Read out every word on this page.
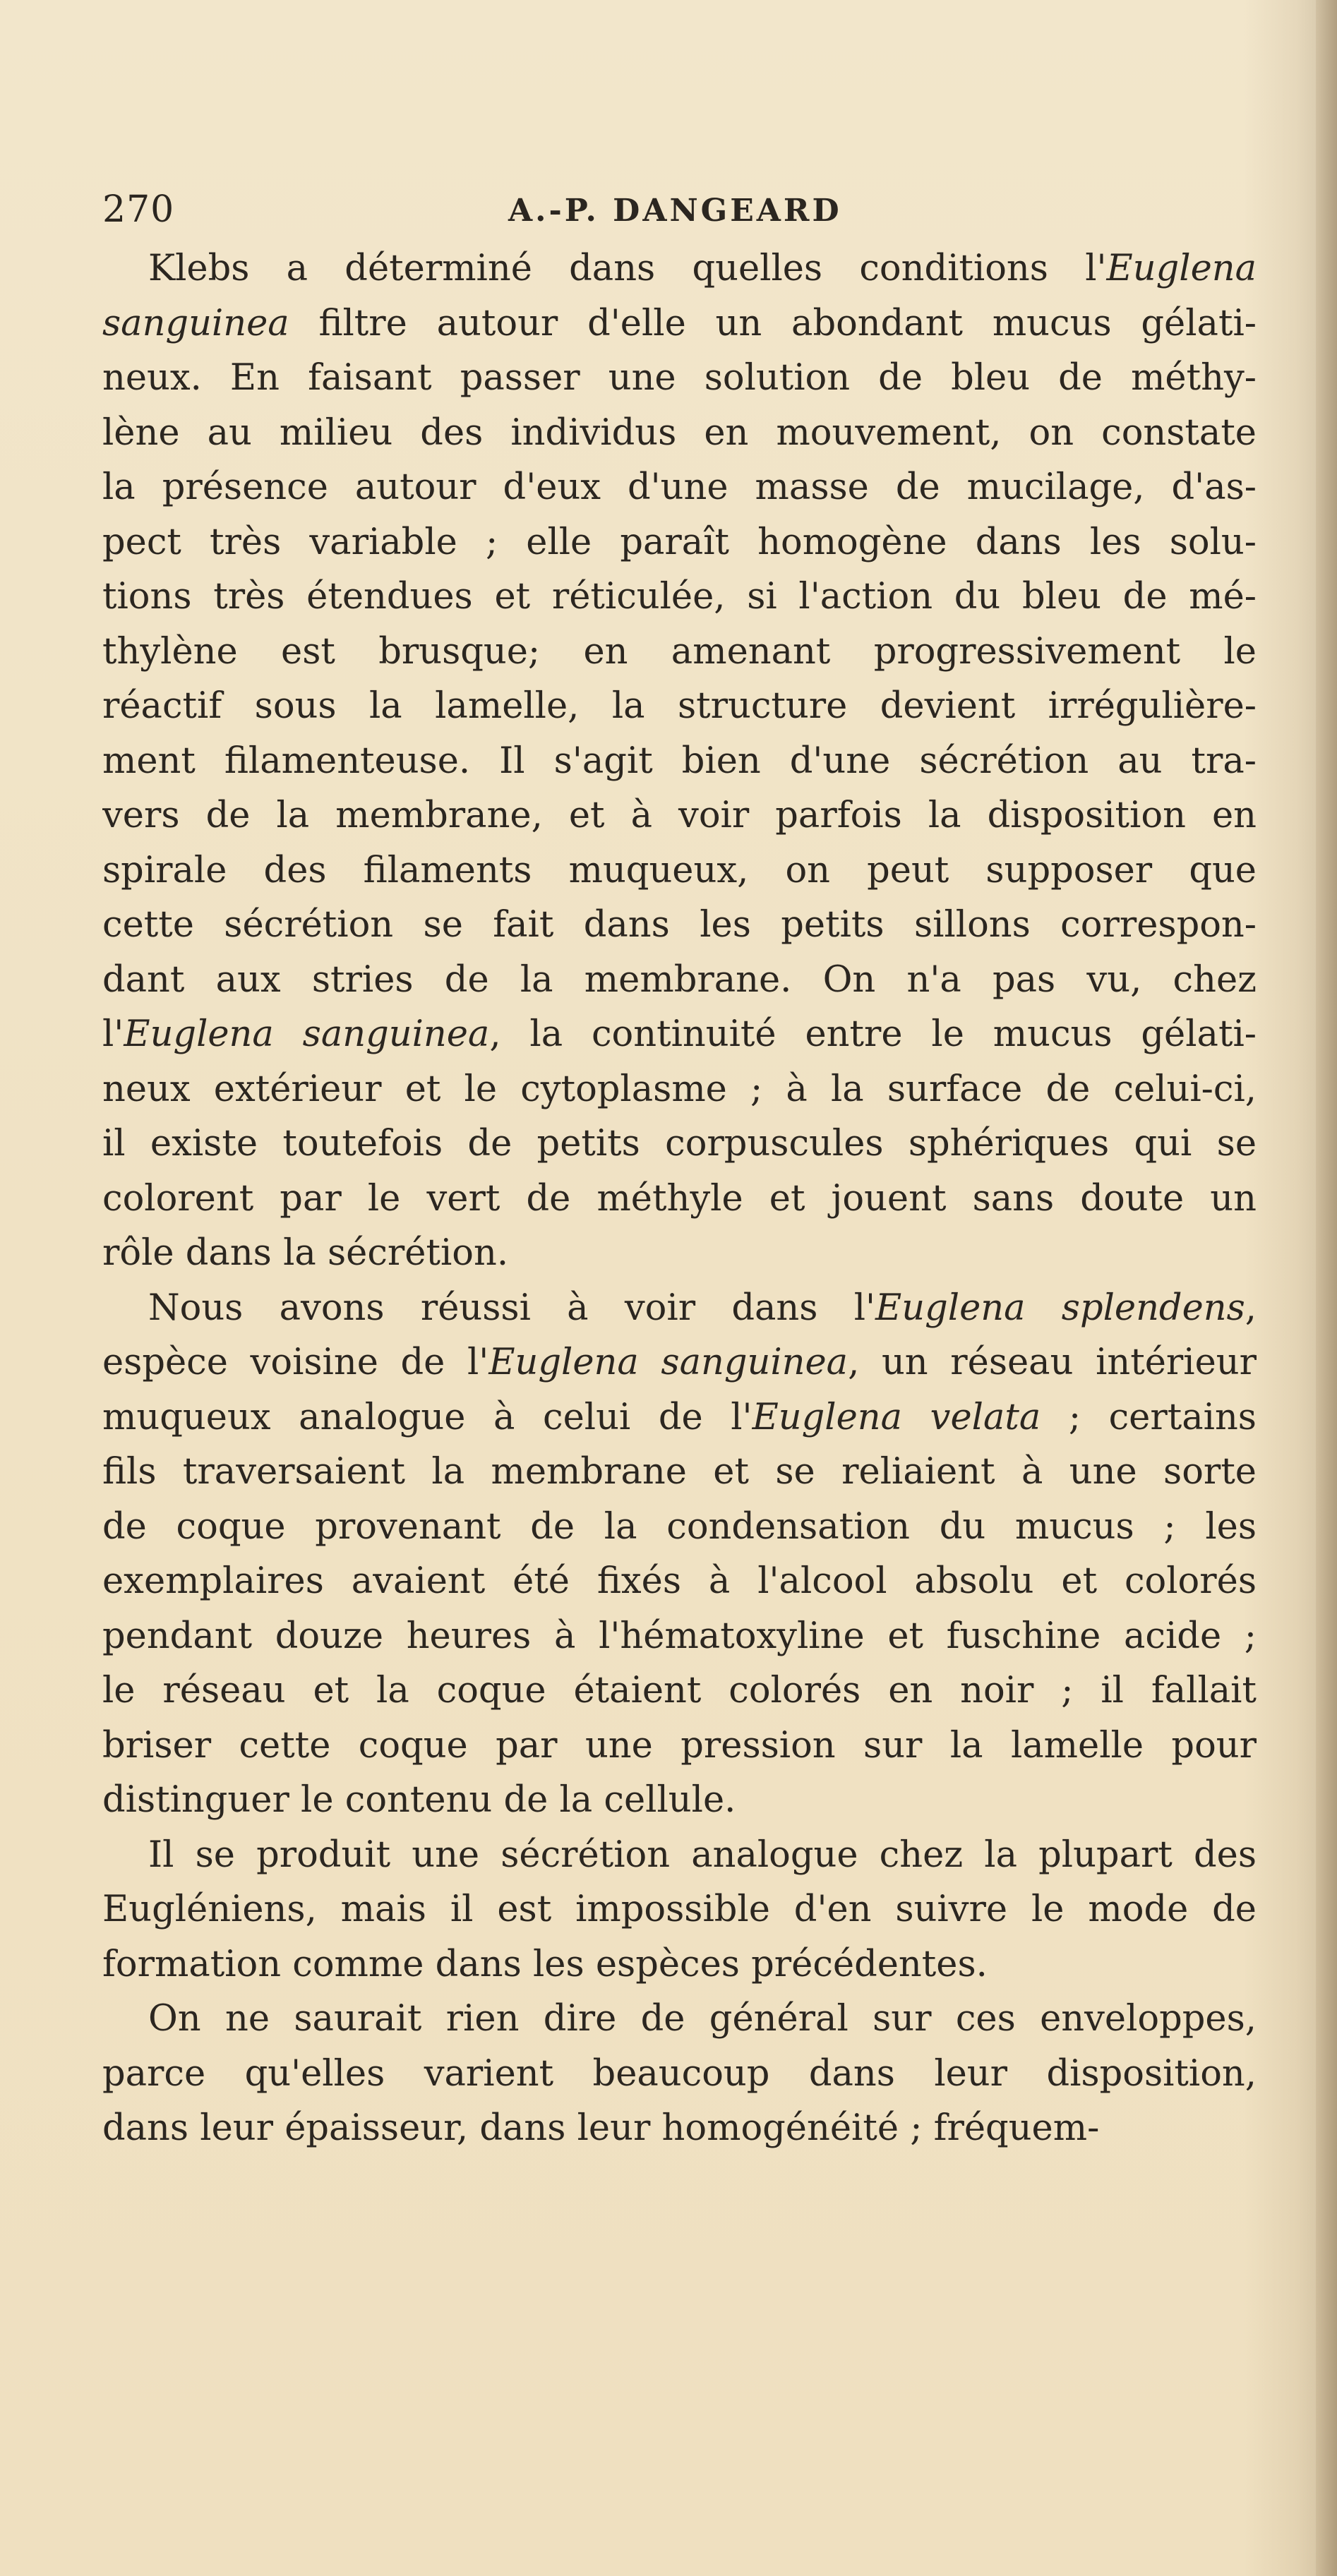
270	A.-P. DANGEARD
Klebs a déterminé dans quelles conditions l'Euglena
sanguinea filtre autour d'elle un abondant mucus gélati-
neux. En faisant passer une solution de bleu de méthy-
lène au milieu des individus en mouvement, on constate
la présence autour d'eux d'une masse de mucilage, d'as-
pect très variable ; elle paraît homogène dans les solu-
tions très étendues et réticulée, si l'action du bleu de mé-
thylène est brusque; en amenant progressivement le
réactif sous la lamelle, la structure devient irrégulière-
ment filamenteuse. Il s'agit bien d'une sécrétion au tra-
vers de la membrane, et à voir parfois la disposition en
spirale des filaments muqueux, on peut supposer que
cette sécrétion se fait dans les petits sillons correspon-
dant aux stries de la membrane. On n'a pas vu, chez
l'Euglena sanguinea, la continuité entre le mucus gélati-
neux extérieur et le cytoplasme ; à la surface de celui-ci,
il existe toutefois de petits corpuscules sphériques qui se
colorent par le vert de méthyle et jouent sans doute un
rôle dans la sécrétion.
Nous avons réussi à voir dans l'Euglena splendens,
espèce voisine de l'Euglena sanguinea, un réseau intérieur
muqueux analogue à celui de l'Euglena velata ; certains
fils traversaient la membrane et se reliaient à une sorte
de coque provenant de la condensation du mucus ; les
exemplaires avaient été fixés à l'alcool absolu et colorés
pendant douze heures à l'hématoxyline et fuschine acide ;
le réseau et la coque étaient colorés en noir ; il fallait
briser cette coque par une pression sur la lamelle pour
distinguer le contenu de la cellule.
Il se produit une sécrétion analogue chez la plupart des
Eugléniens, mais il est impossible d'en suivre le mode de
formation comme dans les espèces précédentes.
On ne saurait rien dire de général sur ces enveloppes,
parce qu'elles varient beaucoup dans leur disposition,
dans leur épaisseur, dans leur homogénéité ; fréquem-
